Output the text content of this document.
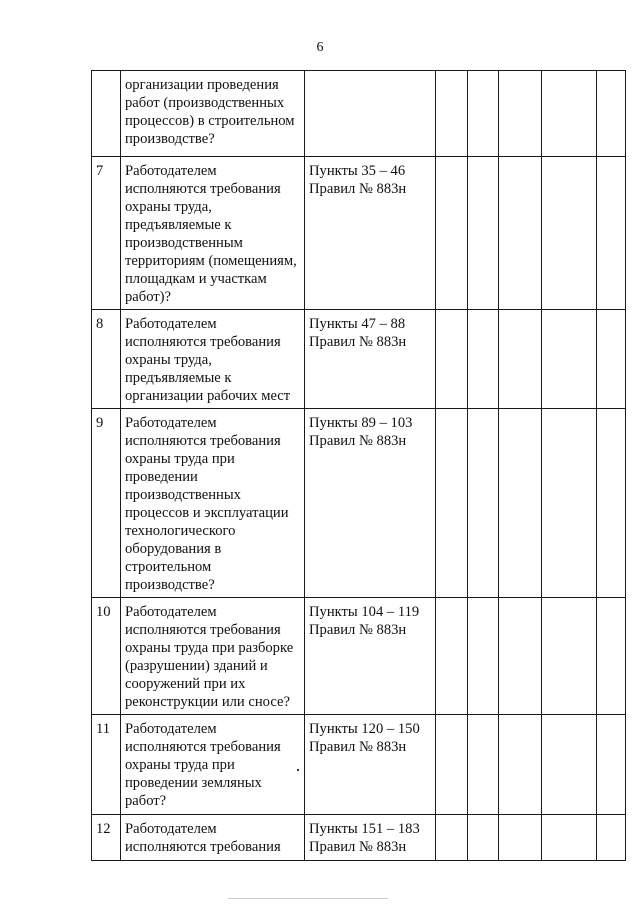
6
	организации проведения работ (производственных процессов) в строительном производстве?						
7	Работодателем исполняются требования охраны труда, предъявляемые к производственным территориям (помещениям, площадкам и участкам работ)?	Пункты 35 – 46 Правил № 883н					
8	Работодателем исполняются требования охраны труда, предъявляемые к организации рабочих мест	Пункты 47 – 88 Правил № 883н					
9	Работодателем исполняются требования охраны труда при проведении производственных процессов и эксплуатации технологического оборудования в строительном производстве?	Пункты 89 – 103 Правил № 883н					
10	Работодателем исполняются требования охраны труда при разборке (разрушении) зданий и сооружений при их реконструкции или сносе?	Пункты 104 – 119 Правил № 883н					
11	Работодателем исполняются требования охраны труда при проведении земляных работ?	Пункты 120 – 150 Правил № 883н					
12	Работодателем исполняются требования	Пункты 151 – 183 Правил № 883н					
